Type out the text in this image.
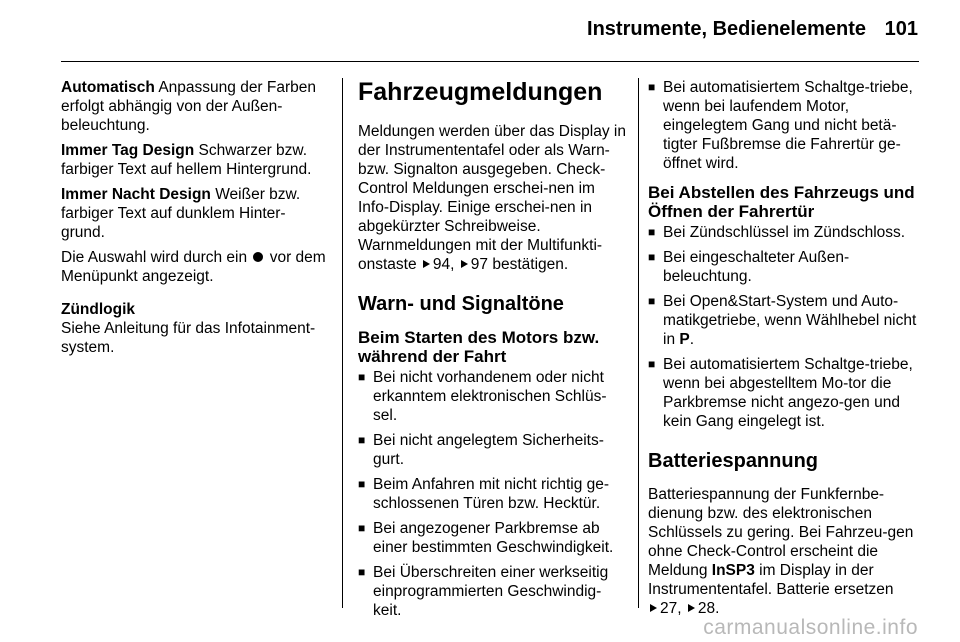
Instrumente, Bedienelemente 101

Automatisch Anpassung der Farben erfolgt abhängig von der Außen-beleuchtung.

Immer Tag Design Schwarzer bzw. farbiger Text auf hellem Hintergrund.

Immer Nacht Design Weißer bzw. farbiger Text auf dunklem Hinter-grund.

Die Auswahl wird durch ein  vor dem Menüpunkt angezeigt.

Zündlogik

Siehe Anleitung für das Infotainment-system.

Fahrzeugmeldungen

Meldungen werden über das Display in der Instrumententafel oder als Warn- bzw. Signalton ausgegeben. Check-Control Meldungen erschei-nen im Info-Display. Einige erschei-nen in abgekürzter Schreibweise. Warnmeldungen mit der Multifunkti-onstaste 94, 97 bestätigen.

Warn- und Signaltöne
Beim Starten des Motors bzw. während der Fahrt
■ Bei nicht vorhandenem oder nicht erkanntem elektronischen Schlüs-sel.
■ Bei nicht angelegtem Sicherheits-gurt.
■ Beim Anfahren mit nicht richtig ge-schlossenen Türen bzw. Hecktür.
■ Bei angezogener Parkbremse ab einer bestimmten Geschwindigkeit.
■ Bei Überschreiten einer werkseitig einprogrammierten Geschwindig-keit.
■ Bei automatisiertem Schaltge-triebe, wenn bei laufendem Motor, eingelegtem Gang und nicht betä-tigter Fußbremse die Fahrertür ge-öffnet wird.
Bei Abstellen des Fahrzeugs und Öffnen der Fahrertür
■ Bei Zündschlüssel im Zündschloss.
■ Bei eingeschalteter Außen-beleuchtung.
■ Bei Open&Start-System und Auto-matikgetriebe, wenn Wählhebel nicht in P.
■ Bei automatisiertem Schaltge-triebe, wenn bei abgestelltem Mo-tor die Parkbremse nicht angezo-gen und kein Gang eingelegt ist.
Batteriespannung

Batteriespannung der Funkfernbe-dienung bzw. des elektronischen Schlüssels zu gering. Bei Fahrzeu-gen ohne Check-Control erscheint die Meldung InSP3 im Display in der Instrumententafel. Batterie ersetzen
27, 28.

carmanualsonline.info
